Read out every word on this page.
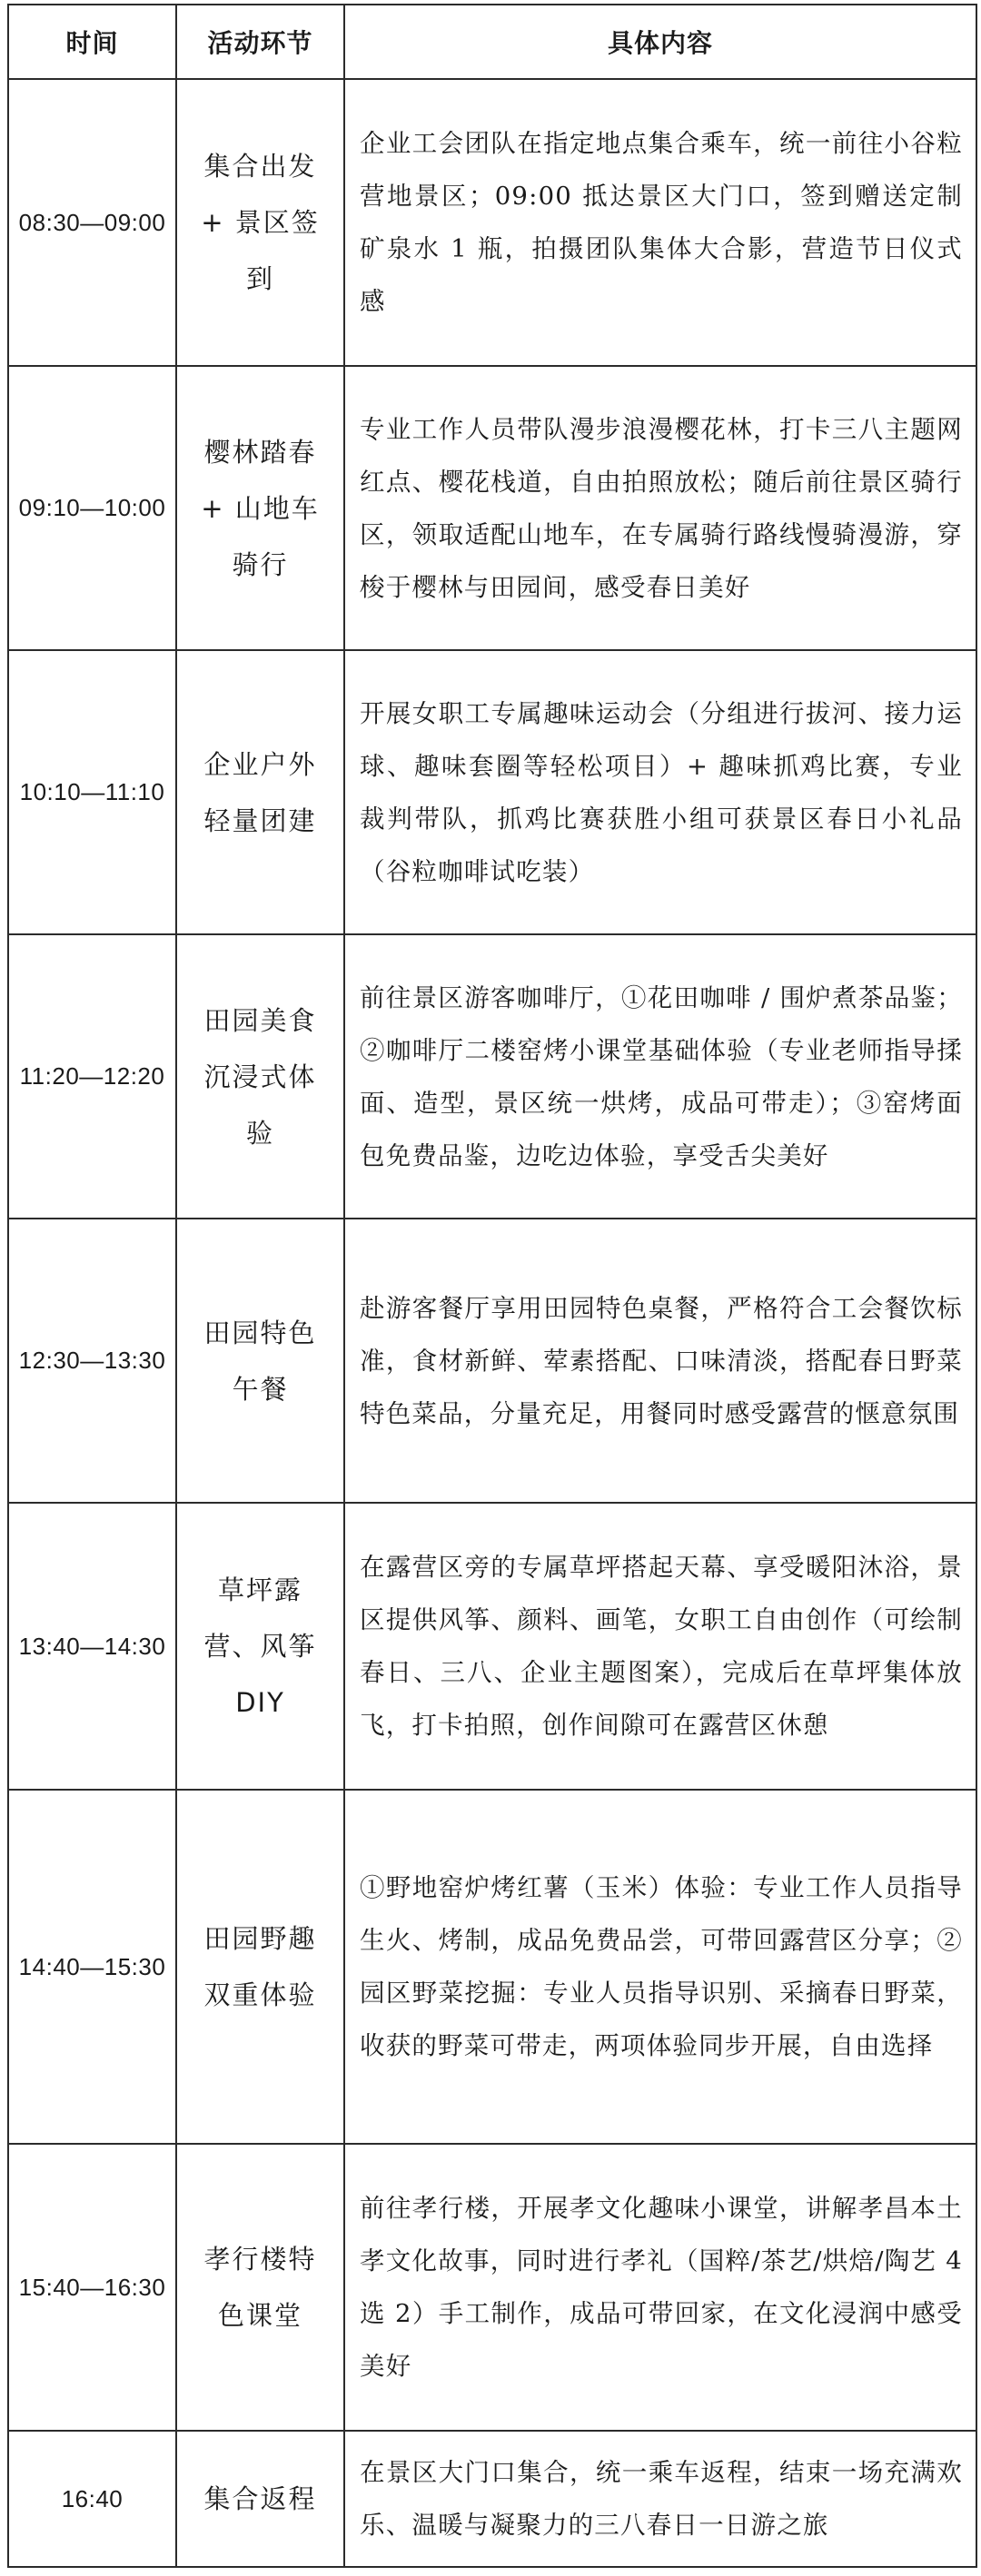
时间	活动环节	具体内容
08:30—09:00	集合出发 + 景区签到	企业工会团队在指定地点集合乘车，统一前往小谷粒营地景区；09:00 抵达景区大门口，签到赠送定制矿泉水 1 瓶，拍摄团队集体大合影，营造节日仪式感
09:10—10:00	樱林踏春 + 山地车骑行	专业工作人员带队漫步浪漫樱花林，打卡三八主题网红点、樱花栈道，自由拍照放松；随后前往景区骑行区，领取适配山地车，在专属骑行路线慢骑漫游，穿梭于樱林与田园间，感受春日美好
10:10—11:10	企业户外轻量团建	开展女职工专属趣味运动会（分组进行拔河、接力运球、趣味套圈等轻松项目）+ 趣味抓鸡比赛，专业裁判带队，抓鸡比赛获胜小组可获景区春日小礼品（谷粒咖啡试吃装）
11:20—12:20	田园美食沉浸式体验	前往景区游客咖啡厅，①花田咖啡 / 围炉煮茶品鉴；②咖啡厅二楼窑烤小课堂基础体验（专业老师指导揉面、造型，景区统一烘烤，成品可带走）；③窑烤面包免费品鉴，边吃边体验，享受舌尖美好
12:30—13:30	田园特色午餐	赴游客餐厅享用田园特色桌餐，严格符合工会餐饮标准，食材新鲜、荤素搭配、口味清淡，搭配春日野菜特色菜品，分量充足，用餐同时感受露营的惬意氛围
13:40—14:30	草坪露营、风筝 DIY	在露营区旁的专属草坪搭起天幕、享受暖阳沐浴，景区提供风筝、颜料、画笔，女职工自由创作（可绘制春日、三八、企业主题图案），完成后在草坪集体放飞，打卡拍照，创作间隙可在露营区休憩
14:40—15:30	田园野趣双重体验	①野地窑炉烤红薯（玉米）体验：专业工作人员指导生火、烤制，成品免费品尝，可带回露营区分享；②园区野菜挖掘：专业人员指导识别、采摘春日野菜，收获的野菜可带走，两项体验同步开展，自由选择
15:40—16:30	孝行楼特色课堂	前往孝行楼，开展孝文化趣味小课堂，讲解孝昌本土孝文化故事，同时进行孝礼（国粹/茶艺/烘焙/陶艺 4 选 2）手工制作，成品可带回家，在文化浸润中感受美好
16:40	集合返程	在景区大门口集合，统一乘车返程，结束一场充满欢乐、温暖与凝聚力的三八春日一日游之旅
